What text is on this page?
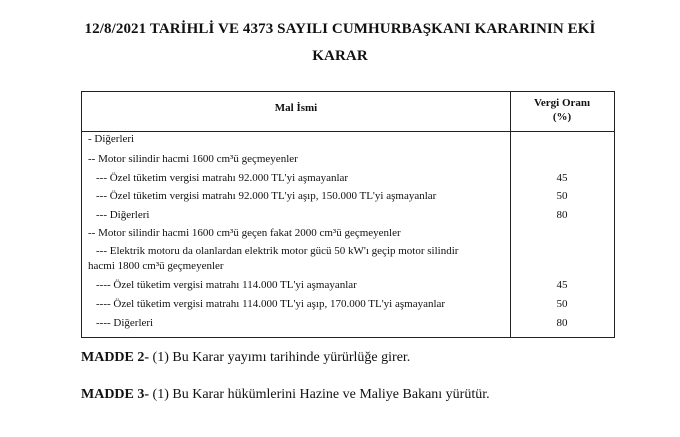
12/8/2021 TARİHLİ VE 4373 SAYILI CUMHURBAŞKANI KARARININ EKİ
KARAR
Mal İsmi	Vergi Oranı
(%)
- Diğerleri
-- Motor silindir hacmi 1600 cm³ü geçmeyenler
--- Özel tüketim vergisi matrahı 92.000 TL'yi aşmayanlar	45
--- Özel tüketim vergisi matrahı 92.000 TL'yi aşıp, 150.000 TL'yi aşmayanlar	50
--- Diğerleri	80
-- Motor silindir hacmi 1600 cm³ü geçen fakat 2000 cm³ü geçmeyenler
--- Elektrik motoru da olanlardan elektrik motor gücü 50 kW'ı geçip motor silindir
hacmi 1800 cm³ü geçmeyenler
---- Özel tüketim vergisi matrahı 114.000 TL'yi aşmayanlar	45
---- Özel tüketim vergisi matrahı 114.000 TL'yi aşıp, 170.000 TL'yi aşmayanlar	50
---- Diğerleri	80
MADDE 2- (1) Bu Karar yayımı tarihinde yürürlüğe girer.
MADDE 3- (1) Bu Karar hükümlerini Hazine ve Maliye Bakanı yürütür.
